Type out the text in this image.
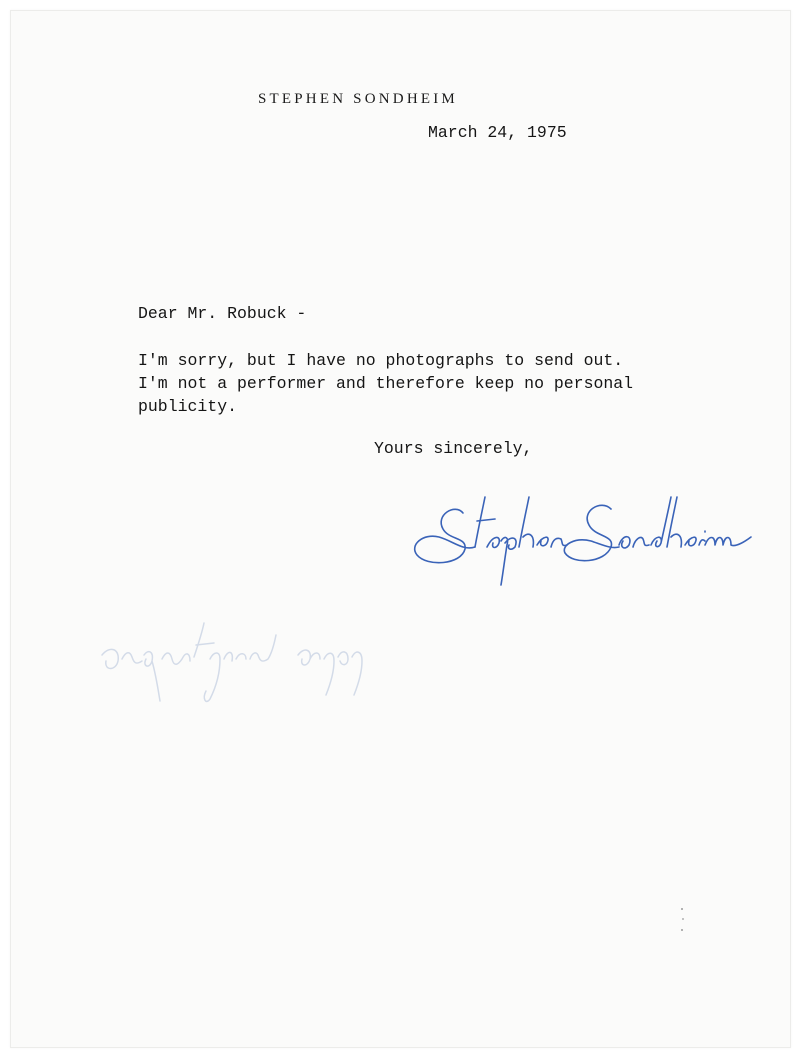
STEPHEN SONDHEIM
March 24, 1975
Dear Mr. Robuck -
I'm sorry, but I have no photographs to send out.
I'm not a performer and therefore keep no personal
publicity.
Yours sincerely,
